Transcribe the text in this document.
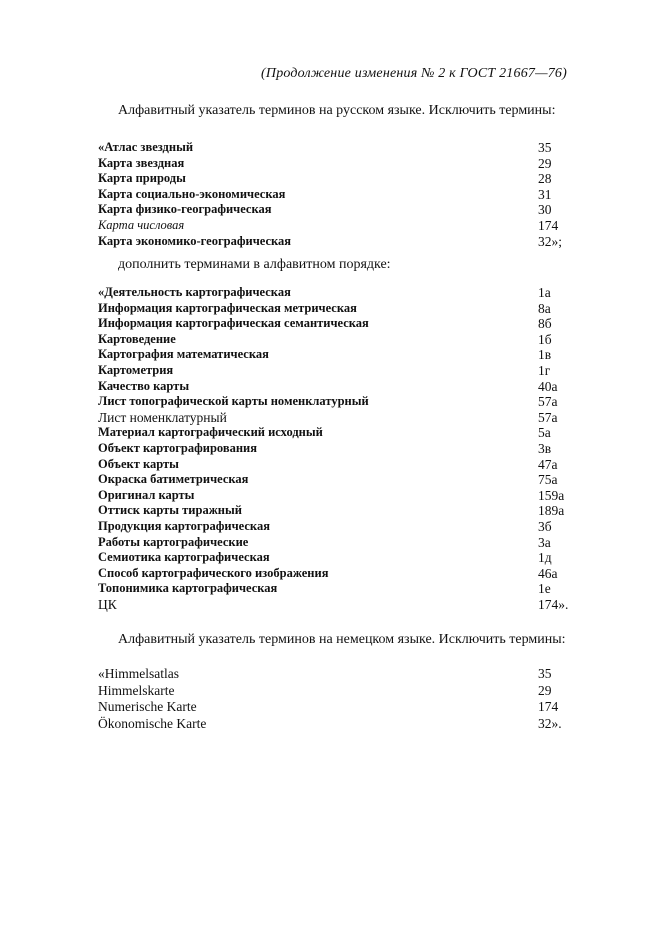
(Продолжение изменения № 2 к ГОСТ 21667—76)

Алфавитный указатель терминов на русском языке. Исключить термины:

«Атлас звездный	35
Карта звездная	29
Карта природы	28
Карта социально-экономическая	31
Карта физико-географическая	30
Карта числовая	174
Карта экономико-географическая	32»;

дополнить терминами в алфавитном порядке:

«Деятельность картографическая	1а
Информация картографическая метрическая	8а
Информация картографическая семантическая	8б
Картоведение	1б
Картография математическая	1в
Картометрия	1г
Качество карты	40а
Лист топографической карты номенклатурный	57а
Лист номенклатурный	57а
Материал картографический исходный	5а
Объект картографирования	3в
Объект карты	47а
Окраска батиметрическая	75а
Оригинал карты	159а
Оттиск карты тиражный	189а
Продукция картографическая	3б
Работы картографические	3а
Семиотика картографическая	1д
Способ картографического изображения	46а
Топонимика картографическая	1е
ЦК	174».

Алфавитный указатель терминов на немецком языке. Исключить термины:

«Himmelsatlas	35
Himmelskarte	29
Numerische Karte	174
Ökonomische Karte	32».
